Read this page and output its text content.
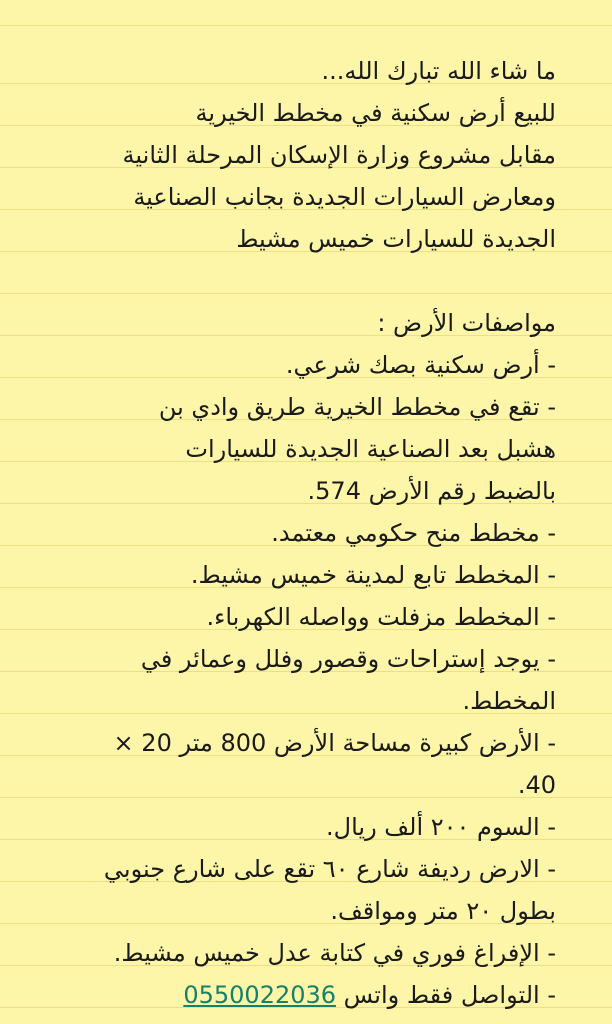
ما شاء الله تبارك الله...
للبيع أرض سكنية في مخطط الخيرية
مقابل مشروع وزارة الإسكان المرحلة الثانية
ومعارض السيارات الجديدة بجانب الصناعية
الجديدة للسيارات خميس مشيط
مواصفات الأرض :
- أرض سكنية بصك شرعي.
- تقع في مخطط الخيرية طريق وادي بن
هشبل بعد الصناعية الجديدة للسيارات
بالضبط رقم الأرض 574.
- مخطط منح حكومي معتمد.
- المخطط تابع لمدينة خميس مشيط.
- المخطط مزفلت وواصله الكهرباء.
- يوجد إستراحات وقصور وفلل وعمائر في
المخطط.
- الأرض كبيرة مساحة الأرض 800 متر 20 ×
40.
- السوم ٢٠٠ ألف ريال.
- الارض رديفة شارع ٦٠ تقع على شارع جنوبي
بطول ٢٠ متر ومواقف.
- الإفراغ فوري في كتابة عدل خميس مشيط.
- التواصل فقط واتس 0550022036
